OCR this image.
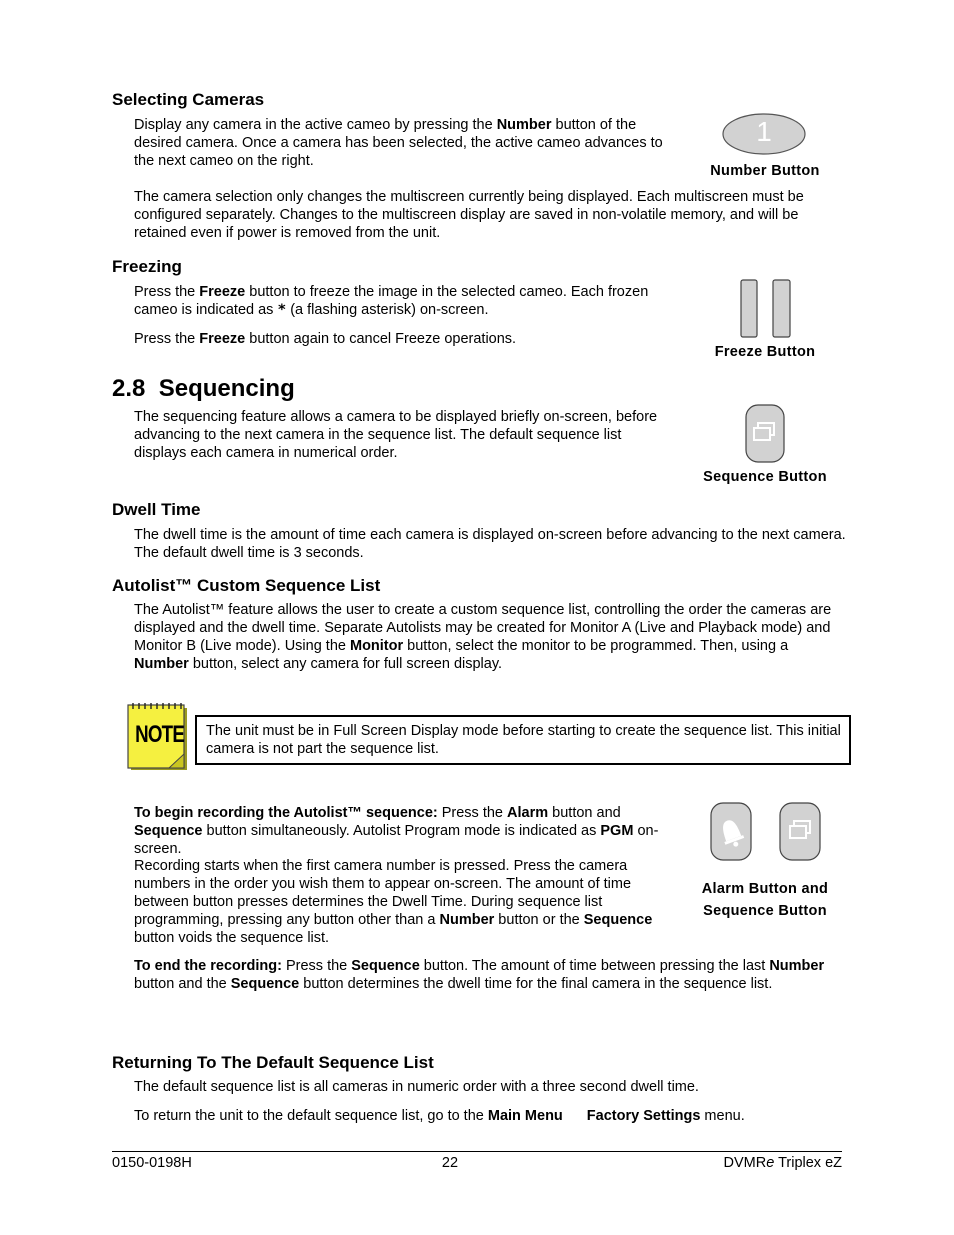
Selecting Cameras

Display any camera in the active cameo by pressing the Number button of the desired camera. Once a camera has been selected, the active cameo advances to the next cameo on the right.

1
Number Button

The camera selection only changes the multiscreen currently being displayed. Each multiscreen must be configured separately. Changes to the multiscreen display are saved in non-volatile memory, and will be retained even if power is removed from the unit.

Freezing

Press the Freeze button to freeze the image in the selected cameo. Each frozen cameo is indicated as * (a flashing asterisk) on-screen.

Press the Freeze button again to cancel Freeze operations.

Freeze Button
2.8 Sequencing

The sequencing feature allows a camera to be displayed briefly on-screen, before advancing to the next camera in the sequence list. The default sequence list displays each camera in numerical order.

Sequence Button
Dwell Time

The dwell time is the amount of time each camera is displayed on-screen before advancing to the next camera. The default dwell time is 3 seconds.

Autolist™ Custom Sequence List

The Autolist™ feature allows the user to create a custom sequence list, controlling the order the cameras are displayed and the dwell time. Separate Autolists may be created for Monitor A (Live and Playback mode) and Monitor B (Live mode). Using the Monitor button, select the monitor to be programmed. Then, using a Number button, select any camera for full screen display.

NOTE The unit must be in Full Screen Display mode before starting to create the sequence list. This initial camera is not part the sequence list.

To begin recording the Autolist™ sequence: Press the Alarm button and Sequence button simultaneously. Autolist Program mode is indicated as PGM on-screen.

Recording starts when the first camera number is pressed. Press the camera numbers in the order you wish them to appear on-screen. The amount of time between button presses determines the Dwell Time. During sequence list programming, pressing any button other than a Number button or the Sequence button voids the sequence list.

Alarm Button and
Sequence Button

To end the recording: Press the Sequence button. The amount of time between pressing the last Number button and the Sequence button determines the dwell time for the final camera in the sequence list.

Returning To The Default Sequence List

The default sequence list is all cameras in numeric order with a three second dwell time.

To return the unit to the default sequence list, go to the Main Menu Factory Settings menu.

0150-0198H	22	DVMRe Triplex eZ
